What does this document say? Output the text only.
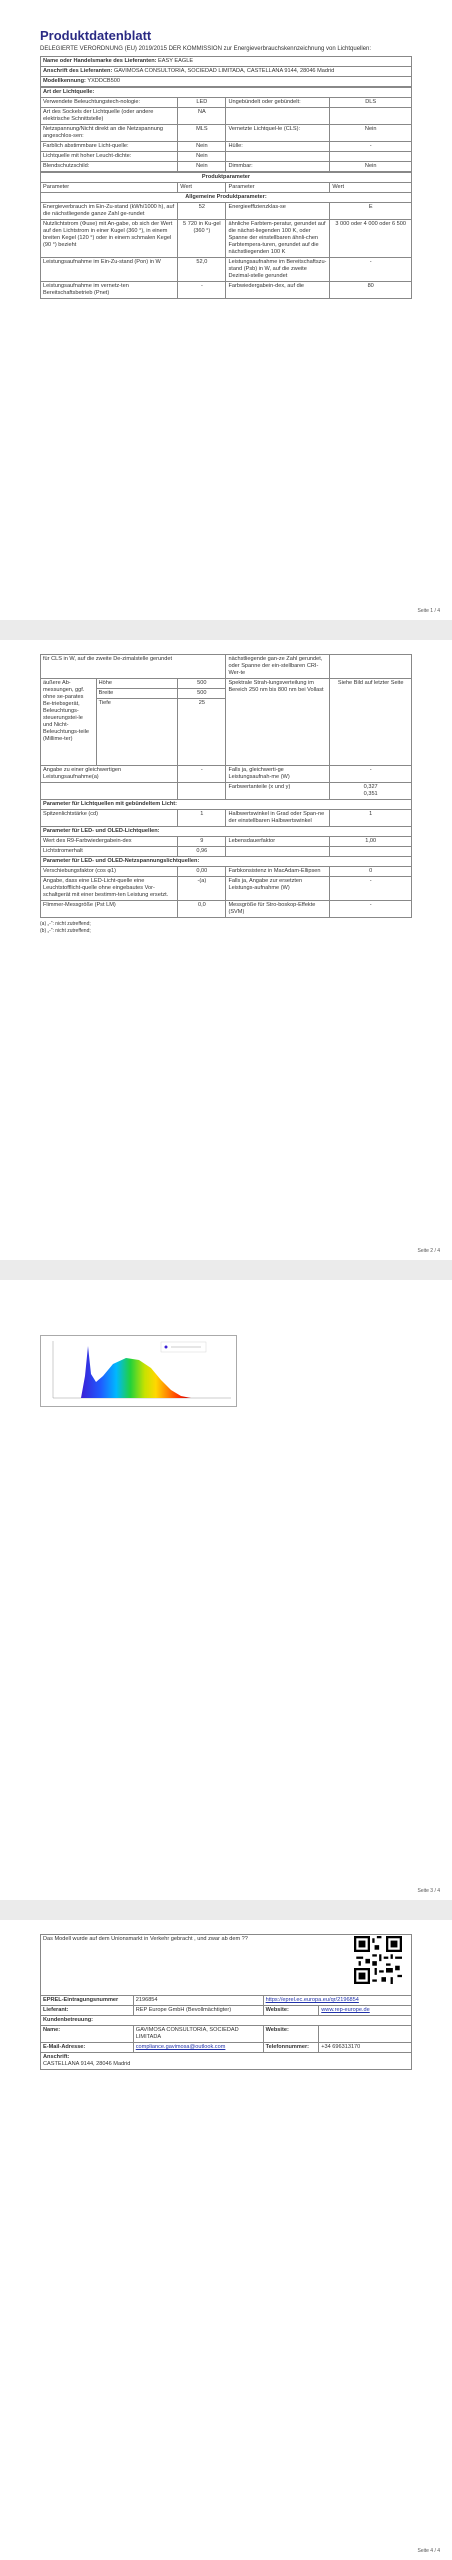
Produktdatenblatt
DELEGIERTE VERORDNUNG (EU) 2019/2015 DER KOMMISSION zur Energieverbrauchskennzeichnung von Lichtquellen:
Name oder Handelsmarke des Lieferanten: EASY EAGLE
Anschrift des Lieferanten: GAVIMOSA CONSULTORIA, SOCIEDAD LIMITADA, CASTELLANA 9144, 28046 Madrid
Modellkennung: YXDDCB500
Art der Lichtquelle:			
Verwendete Beleuchtungstech-nologie:	LED	Ungebündelt oder gebündelt:	DLS
Art des Sockels der Lichtquelle (oder andere elektrische Schnittstelle)	NA		
Netzspannung/Nicht direkt an die Netzspannung angeschlos-sen:	MLS	Vernetzte Lichtquel-le (CLS):	Nein
Farblich abstimmbare Licht-quelle:	Nein	Hülle:	-
Lichtquelle mit hoher Leucht-dichte:	Nein		
Blendschutzschild:	Nein	Dimmbar:	Nein
Produktparameter			
Parameter	Wert	Parameter	Wert
Allgemeine Produktparameter:			
Energieverbrauch im Ein-Zu-stand (kWh/1000 h), auf die nächstliegende ganze Zahl ge-rundet	52	Energieeffizienzklas-se	E
Nutzlichtstrom (Φuse) mit An-gabe, ob sich der Wert auf den Lichtstrom in einer Kugel (360 °), in einem breiten Kegel (120 °) oder in einem schmalen Kegel (90 °) bezieht	5 720 in Ku-gel (360 °)	ähnliche Farbtem-peratur, gerundet auf die nächst-liegenden 100 K, oder Spanne der einstellbaren ähnli-chen Farbtempera-turen, gerundet auf die nächstliegenden 100 K	3 000 oder 4 000 oder 6 500
Leistungsaufnahme im Ein-Zu-stand (Pon) in W	52,0	Leistungsaufnahme im Bereitschaftszu-stand (Psb) in W, auf die zweite Dezimal-stelle gerundet	-
Leistungsaufnahme im vernetz-ten Bereitschaftsbetrieb (Pnet)	-	Farbwiedergabein-dex, auf die	80
Seite 1 / 4
für CLS in W, auf die zweite De-zimalstelle gerundet			nächstliegende gan-ze Zahl gerundet, oder Spanne der ein-stellbaren CRI-Wer-te	
äußere Ab-messungen, ggf. ohne se-parates Be-triebsgerät, Beleuchtungs-steuerungstei-le und Nicht-Beleuchtungs-teile (Millime-ter)	Höhe	500	Spektrale Strah-lungsverteilung im Bereich 250 nm bis 800 nm bei Vollast	Siehe Bild auf letzter Seite
	Breite	500		
	Tiefe	25		
Angabe zu einer gleichwertigen Leistungsaufnahme(a)		-	Falls ja, gleichwerti-ge Leistungsaufnah-me (W)	-
			Farbwertanteile (x und y)	0,327
0,351
Parameter für Lichtquellen mit gebündeltem Licht:				
Spitzenlichtstärke (cd)		1	Halbwertswinkel in Grad oder Span-ne der einstellbaren Halbwertswinkel	1
Parameter für LED- und OLED-Lichtquellen:				
Wert des R9-Farbwiedergabein-dex		9	Lebensdauerfaktor	1,00
Lichtstromerhalt		0,96		
Parameter für LED- und OLED-Netzspannungslichtquellen:				
Verschiebungsfaktor (cos φ1)		0,00	Farbkonsistenz in MacAdam-Ellipsen	0
Angabe, dass eine LED-Licht-quelle eine Leuchtstofflicht-quelle ohne eingebautes Vor-schaltgerät mit einer bestimm-ten Leistung ersetzt.		-(a)	Falls ja, Angabe zur ersetzten Leistungs-aufnahme (W)	-
Flimmer-Messgröße (Pst LM)		0,0	Messgröße für Stro-boskop-Effekte (SVM)	-
(a) „-“: nicht zutreffend;
(b) „-“: nicht zutreffend;
Seite 2 / 4
Seite 3 / 4
Das Modell wurde auf dem Unionsmarkt in Verkehr gebracht , und zwar ab dem ??			
EPREL-Eintragungsnummer	2196854	https://eprel.ec.europa.eu/qr/2196854	
Lieferant:	REP Europe GmbH (Bevollmächtigter)	Website:	www.rep-europe.de
Kundenbetreuung:			
Name:	GAVIMOSA CONSULTORIA, SOCIEDAD LIMITADA	Website:	
E-Mail-Adresse:	compliance.gavimosa@outlook.com	Telefonnummer:	+34 696313170
Anschrift:
CASTELLANA 9144, 28046 Madrid			
Seite 4 / 4
